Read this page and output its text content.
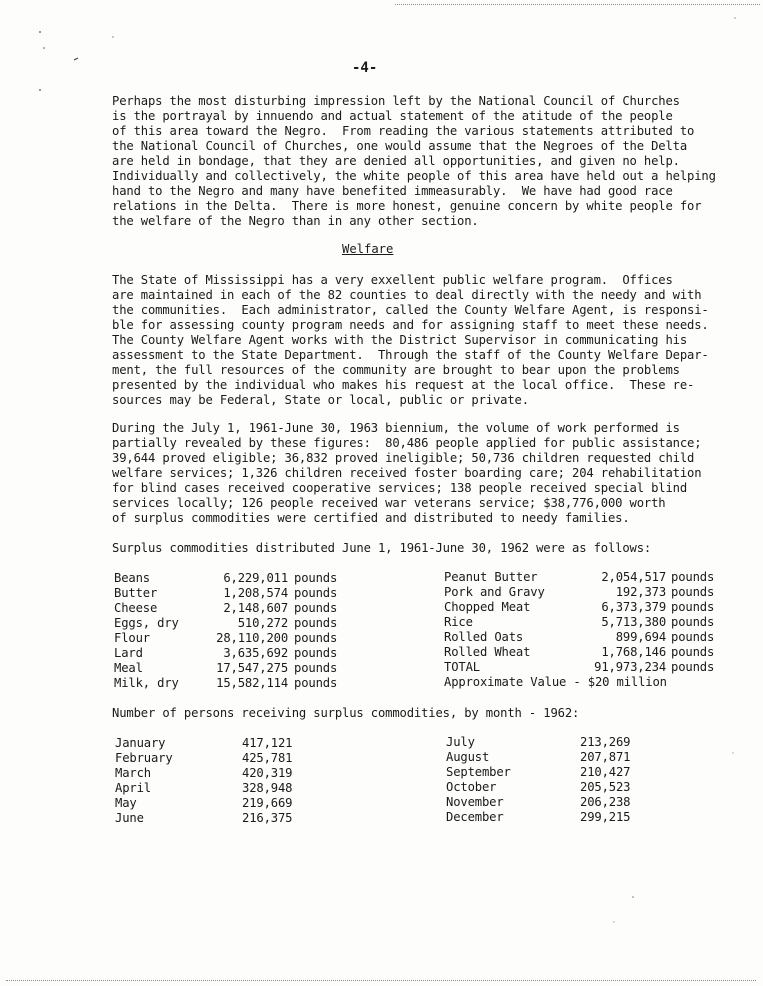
-4-
Perhaps the most disturbing impression left by the National Council of Churches
is the portrayal by innuendo and actual statement of the atitude of the people
of this area toward the Negro.  From reading the various statements attributed to
the National Council of Churches, one would assume that the Negroes of the Delta
are held in bondage, that they are denied all opportunities, and given no help.
Individually and collectively, the white people of this area have held out a helping
hand to the Negro and many have benefited immeasurably.  We have had good race
relations in the Delta.  There is more honest, genuine concern by white people for
the welfare of the Negro than in any other section.
Welfare
The State of Mississippi has a very exxellent public welfare program.  Offices
are maintained in each of the 82 counties to deal directly with the needy and with
the communities.  Each administrator, called the County Welfare Agent, is responsi-
ble for assessing county program needs and for assigning staff to meet these needs.
The County Welfare Agent works with the District Supervisor in communicating his
assessment to the State Department.  Through the staff of the County Welfare Depar-
ment, the full resources of the community are brought to bear upon the problems
presented by the individual who makes his request at the local office.  These re-
sources may be Federal, State or local, public or private.
During the July 1, 1961-June 30, 1963 biennium, the volume of work performed is
partially revealed by these figures:  80,486 people applied for public assistance;
39,644 proved eligible; 36,832 proved ineligible; 50,736 children requested child
welfare services; 1,326 children received foster boarding care; 204 rehabilitation
for blind cases received cooperative services; 138 people received special blind
services locally; 126 people received war veterans service; $38,776,000 worth
of surplus commodities were certified and distributed to needy families.
Surplus commodities distributed June 1, 1961-June 30, 1962 were as follows:
Beans	6,229,011 pounds
Butter	1,208,574 pounds
Cheese	2,148,607 pounds
Eggs, dry	510,272 pounds
Flour	28,110,200 pounds
Lard	3,635,692 pounds
Meal	17,547,275 pounds
Milk, dry	15,582,114 pounds
Peanut Butter	2,054,517 pounds
Pork and Gravy	192,373 pounds
Chopped Meat	6,373,379 pounds
Rice	5,713,380 pounds
Rolled Oats	899,694 pounds
Rolled Wheat	1,768,146 pounds
TOTAL	91,973,234 pounds
Approximate Value - $20 million
Number of persons receiving surplus commodities, by month - 1962:
January	417,121
February	425,781
March	420,319
April	328,948
May	219,669
June	216,375
July	213,269
August	207,871
September	210,427
October	205,523
November	206,238
December	299,215
